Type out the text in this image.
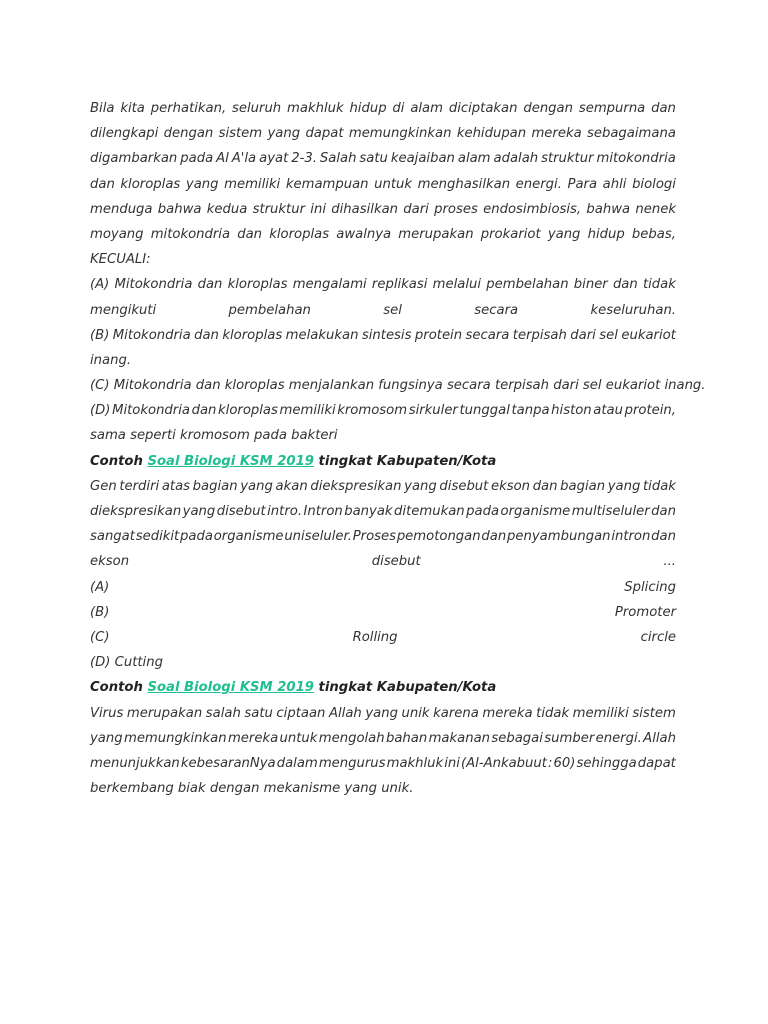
Bila kita perhatikan, seluruh makhluk hidup di alam diciptakan dengan sempurna dan
dilengkapi dengan sistem yang dapat memungkinkan kehidupan mereka sebagaimana
digambarkan pada Al A'la ayat 2-3. Salah satu keajaiban alam adalah struktur mitokondria
dan kloroplas yang memiliki kemampuan untuk menghasilkan energi. Para ahli biologi
menduga bahwa kedua struktur ini dihasilkan dari proses endosimbiosis, bahwa nenek
moyang mitokondria dan kloroplas awalnya merupakan prokariot yang hidup bebas,
KECUALI:
(A) Mitokondria dan kloroplas mengalami replikasi melalui pembelahan biner dan tidak
mengikuti	pembelahan	sel	secara	keseluruhan.
(B) Mitokondria dan kloroplas melakukan sintesis protein secara terpisah dari sel eukariot
inang.
(C) Mitokondria dan kloroplas menjalankan fungsinya secara terpisah dari sel eukariot inang.
(D) Mitokondria dan kloroplas memiliki kromosom sirkuler tunggal tanpa histon atau protein,
sama seperti kromosom pada bakteri
Contoh Soal Biologi KSM 2019 tingkat Kabupaten/Kota
Gen terdiri atas bagian yang akan diekspresikan yang disebut ekson dan bagian yang tidak
diekspresikan yang disebut intro. Intron banyak ditemukan pada organisme multiseluler dan
sangat sedikit pada organisme uniseluler. Proses pemotongan dan penyambungan intron dan
ekson	disebut	...
(A)	Splicing
(B)	Promoter
(C)	Rolling	circle
(D) Cutting
Contoh Soal Biologi KSM 2019 tingkat Kabupaten/Kota
Virus merupakan salah satu ciptaan Allah yang unik karena mereka tidak memiliki sistem
yang memungkinkan mereka untuk mengolah bahan makanan sebagai sumber energi. Allah
menunjukkan kebesaranNya dalam mengurus makhluk ini (Al-Ankabuut : 60) sehingga dapat
berkembang biak dengan mekanisme yang unik.
